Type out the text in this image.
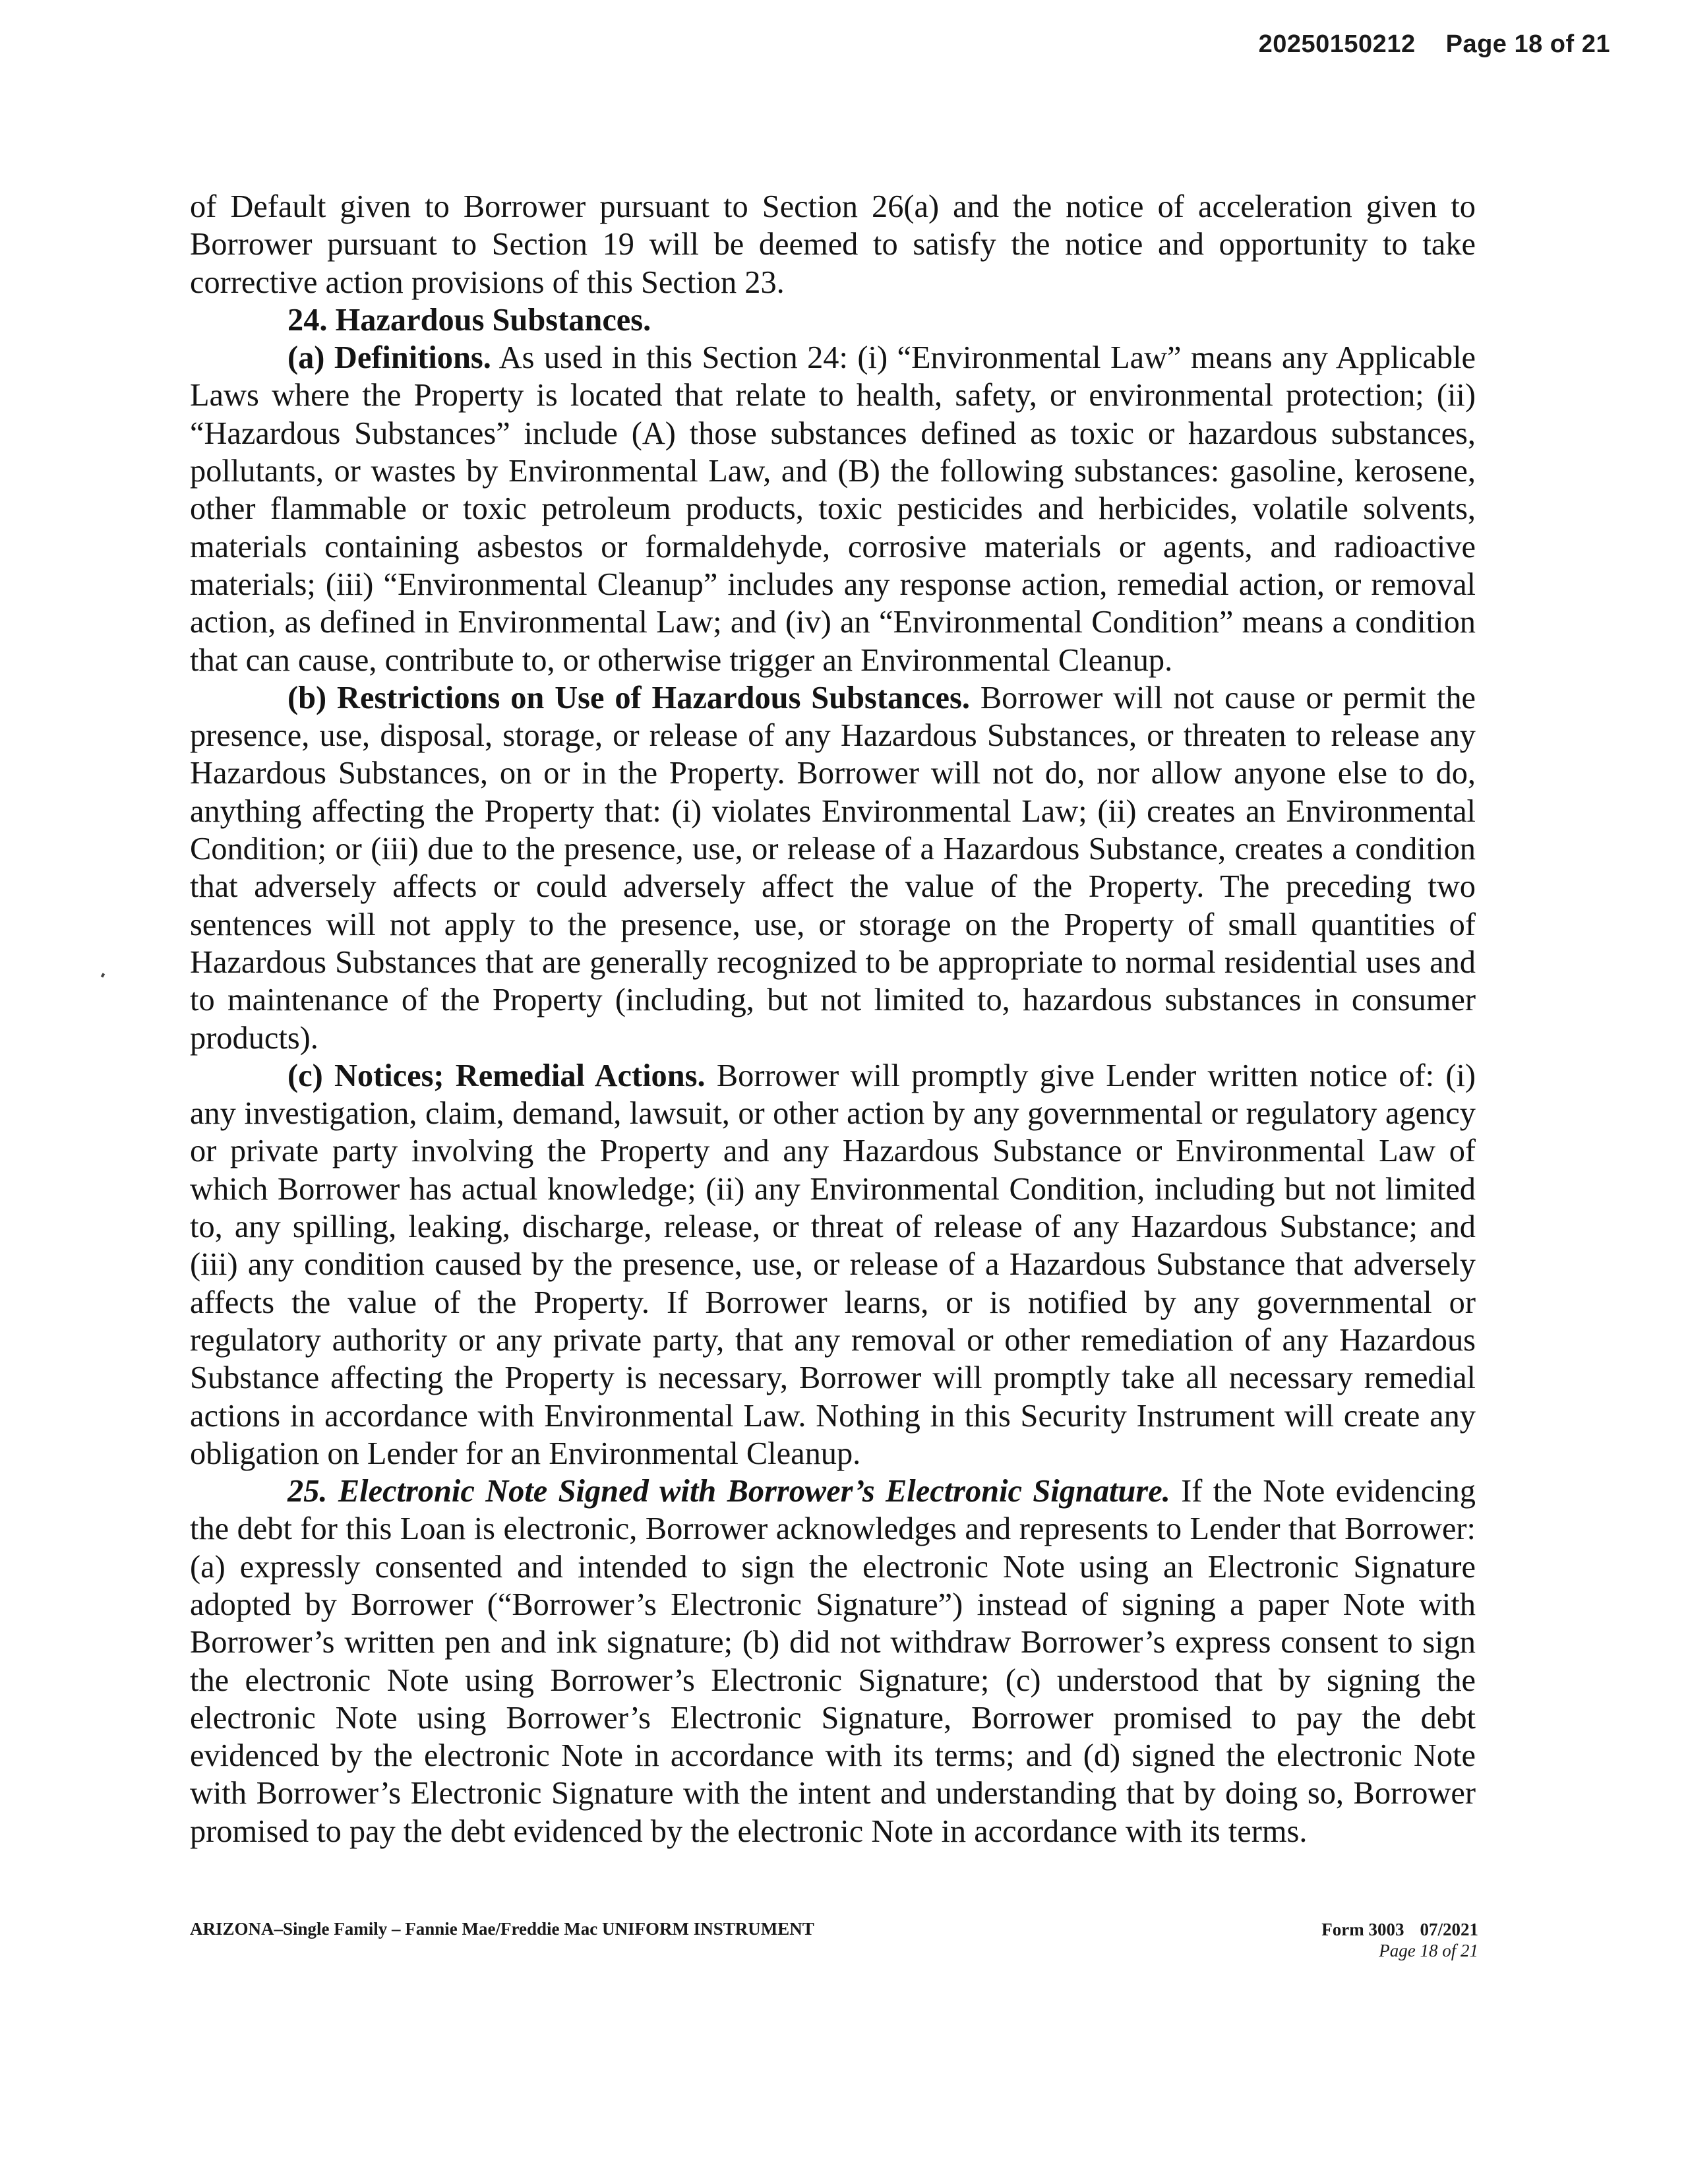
20250150212 Page 18 of 21

of Default given to Borrower pursuant to Section 26(a) and the notice of acceleration given to Borrower pursuant to Section 19 will be deemed to satisfy the notice and opportunity to take corrective action provisions of this Section 23.

24. Hazardous Substances.

(a) Definitions. As used in this Section 24: (i) “Environmental Law” means any Applicable Laws where the Property is located that relate to health, safety, or environmental protection; (ii) “Hazardous Substances” include (A) those substances defined as toxic or hazardous substances, pollutants, or wastes by Environmental Law, and (B) the following substances: gasoline, kerosene, other flammable or toxic petroleum products, toxic pesticides and herbicides, volatile solvents, materials containing asbestos or formaldehyde, corrosive materials or agents, and radioactive materials; (iii) “Environmental Cleanup” includes any response action, remedial action, or removal action, as defined in Environmental Law; and (iv) an “Environmental Condition” means a condition that can cause, contribute to, or otherwise trigger an Environmental Cleanup.

(b) Restrictions on Use of Hazardous Substances. Borrower will not cause or permit the presence, use, disposal, storage, or release of any Hazardous Substances, or threaten to release any Hazardous Substances, on or in the Property. Borrower will not do, nor allow anyone else to do, anything affecting the Property that: (i) violates Environmental Law; (ii) creates an Environmental Condition; or (iii) due to the presence, use, or release of a Hazardous Substance, creates a condition that adversely affects or could adversely affect the value of the Property. The preceding two sentences will not apply to the presence, use, or storage on the Property of small quantities of Hazardous Substances that are generally recognized to be appropriate to normal residential uses and to maintenance of the Property (including, but not limited to, hazardous substances in consumer products).

(c) Notices; Remedial Actions. Borrower will promptly give Lender written notice of: (i) any investigation, claim, demand, lawsuit, or other action by any governmental or regulatory agency or private party involving the Property and any Hazardous Substance or Environmental Law of which Borrower has actual knowledge; (ii) any Environmental Condition, including but not limited to, any spilling, leaking, discharge, release, or threat of release of any Hazardous Substance; and (iii) any condition caused by the presence, use, or release of a Hazardous Substance that adversely affects the value of the Property. If Borrower learns, or is notified by any governmental or regulatory authority or any private party, that any removal or other remediation of any Hazardous Substance affecting the Property is necessary, Borrower will promptly take all necessary remedial actions in accordance with Environmental Law. Nothing in this Security Instrument will create any obligation on Lender for an Environmental Cleanup.

25. Electronic Note Signed with Borrower’s Electronic Signature. If the Note evidencing the debt for this Loan is electronic, Borrower acknowledges and represents to Lender that Borrower: (a) expressly consented and intended to sign the electronic Note using an Electronic Signature adopted by Borrower (“Borrower’s Electronic Signature”) instead of signing a paper Note with Borrower’s written pen and ink signature; (b) did not withdraw Borrower’s express consent to sign the electronic Note using Borrower’s Electronic Signature; (c) understood that by signing the electronic Note using Borrower’s Electronic Signature, Borrower promised to pay the debt evidenced by the electronic Note in accordance with its terms; and (d) signed the electronic Note with Borrower’s Electronic Signature with the intent and understanding that by doing so, Borrower promised to pay the debt evidenced by the electronic Note in accordance with its terms.

ARIZONA–Single Family – Fannie Mae/Freddie Mac UNIFORM INSTRUMENT	Form 3003 07/2021
Page 18 of 21
